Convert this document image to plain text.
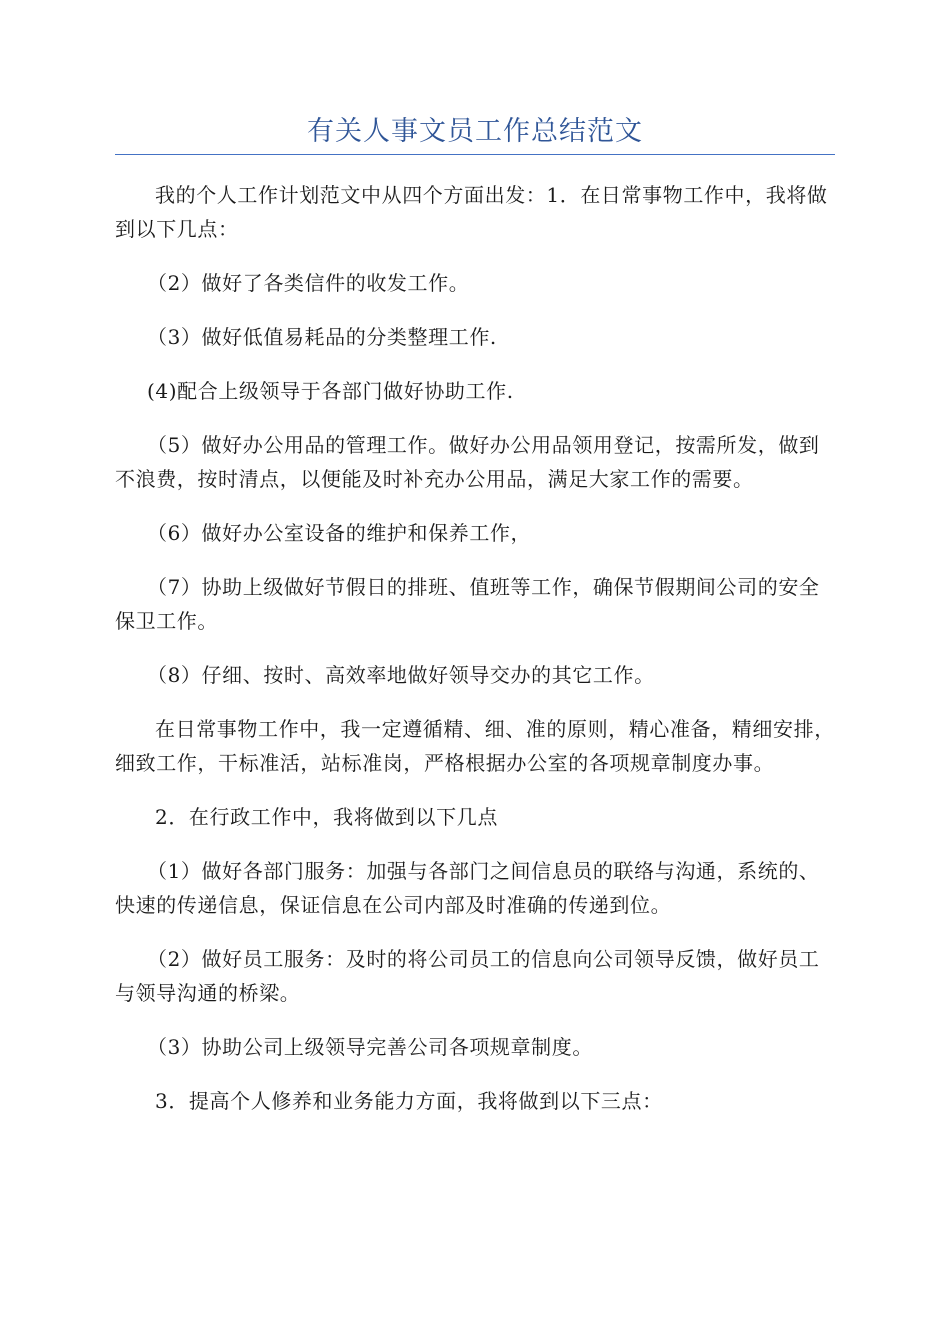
有关人事文员工作总结范文

我的个人工作计划范文中从四个方面出发：1．在日常事物工作中，我将做到以下几点：

（2）做好了各类信件的收发工作。

（3）做好低值易耗品的分类整理工作.

(4)配合上级领导于各部门做好协助工作.

（5）做好办公用品的管理工作。做好办公用品领用登记，按需所发，做到不浪费，按时清点，以便能及时补充办公用品，满足大家工作的需要。

（6）做好办公室设备的维护和保养工作，

（7）协助上级做好节假日的排班、值班等工作，确保节假期间公司的安全保卫工作。

（8）仔细、按时、高效率地做好领导交办的其它工作。

在日常事物工作中，我一定遵循精、细、准的原则，精心准备，精细安排，细致工作，干标准活，站标准岗，严格根据办公室的各项规章制度办事。

2．在行政工作中，我将做到以下几点

（1）做好各部门服务：加强与各部门之间信息员的联络与沟通，系统的、快速的传递信息，保证信息在公司内部及时准确的传递到位。

（2）做好员工服务：及时的将公司员工的信息向公司领导反馈，做好员工与领导沟通的桥梁。

（3）协助公司上级领导完善公司各项规章制度。

3．提高个人修养和业务能力方面，我将做到以下三点：
